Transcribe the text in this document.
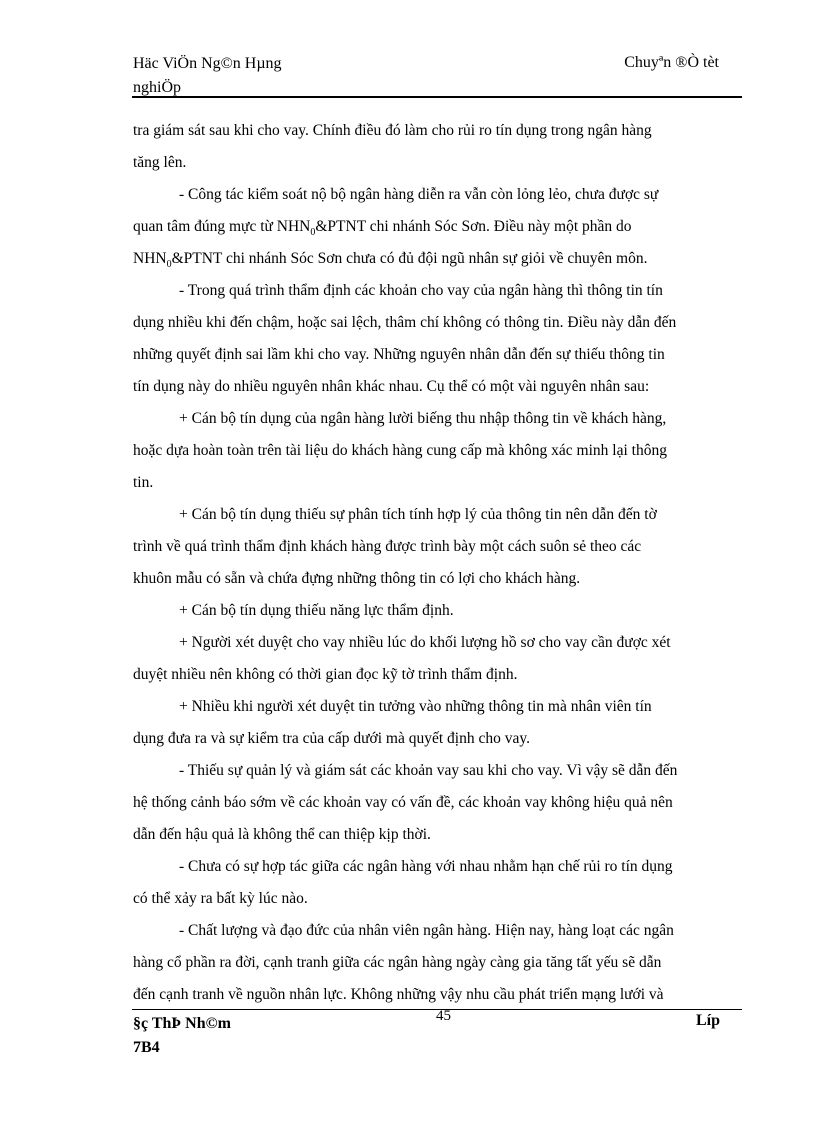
Häc ViÖn Ng©n Hµng
nghiÖp
Chuyªn ®Ò tèt
tra giám sát sau khi cho vay. Chính điều đó làm cho rủi ro tín dụng trong ngân hàng
tăng lên.
- Công tác kiểm soát nộ bộ ngân hàng diễn ra vẫn còn lỏng lẻo, chưa được sự
quan tâm đúng mực từ $NHN_0\&PTNT$ chi nhánh Sóc Sơn. Điều này một phần do
$NHN_0\&PTNT$ chi nhánh Sóc Sơn chưa có đủ đội ngũ nhân sự giỏi về chuyên môn.
- Trong quá trình thẩm định các khoản cho vay của ngân hàng thì thông tin tín
dụng nhiều khi đến chậm, hoặc sai lệch, thâm chí không có thông tin. Điều này dẫn đến
những quyết định sai lầm khi cho vay. Những nguyên nhân dẫn đến sự thiếu thông tin
tín dụng này do nhiều nguyên nhân khác nhau. Cụ thể có một vài nguyên nhân sau:
+ Cán bộ tín dụng của ngân hàng lười biếng thu nhập thông tin về khách hàng,
hoặc dựa hoàn toàn trên tài liệu do khách hàng cung cấp mà không xác minh lại thông
tin.
+ Cán bộ tín dụng thiếu sự phân tích tính hợp lý của thông tin nên dẫn đến tờ
trình về quá trình thẩm định khách hàng được trình bày một cách suôn sẻ theo các
khuôn mẫu có sẵn và chứa đựng những thông tin có lợi cho khách hàng.
+ Cán bộ tín dụng thiếu năng lực thẩm định.
+ Người xét duyệt cho vay nhiều lúc do khối lượng hồ sơ cho vay cần được xét
duyệt nhiều nên không có thời gian đọc kỹ tờ trình thẩm định.
+ Nhiều khi người xét duyệt tin tưởng vào những thông tin mà nhân viên tín
dụng đưa ra và sự kiểm tra của cấp dưới mà quyết định cho vay.
- Thiếu sự quản lý và giám sát các khoản vay sau khi cho vay. Vì vậy sẽ dẫn đến
hệ thống cảnh báo sớm về các khoản vay có vấn đề, các khoản vay không hiệu quả nên
dẫn đến hậu quả là không thể can thiệp kịp thời.
- Chưa có sự hợp tác giữa các ngân hàng với nhau nhằm hạn chế rủi ro tín dụng
có thể xảy ra bất kỳ lúc nào.
- Chất lượng và đạo đức của nhân viên ngân hàng. Hiện nay, hàng loạt các ngân
hàng cổ phần ra đời, cạnh tranh giữa các ngân hàng ngày càng gia tăng tất yếu sẽ dẫn
đến cạnh tranh về nguồn nhân lực. Không những vậy nhu cầu phát triển mạng lưới và
45
§ç ThÞ Nh©m
7B4
Líp
